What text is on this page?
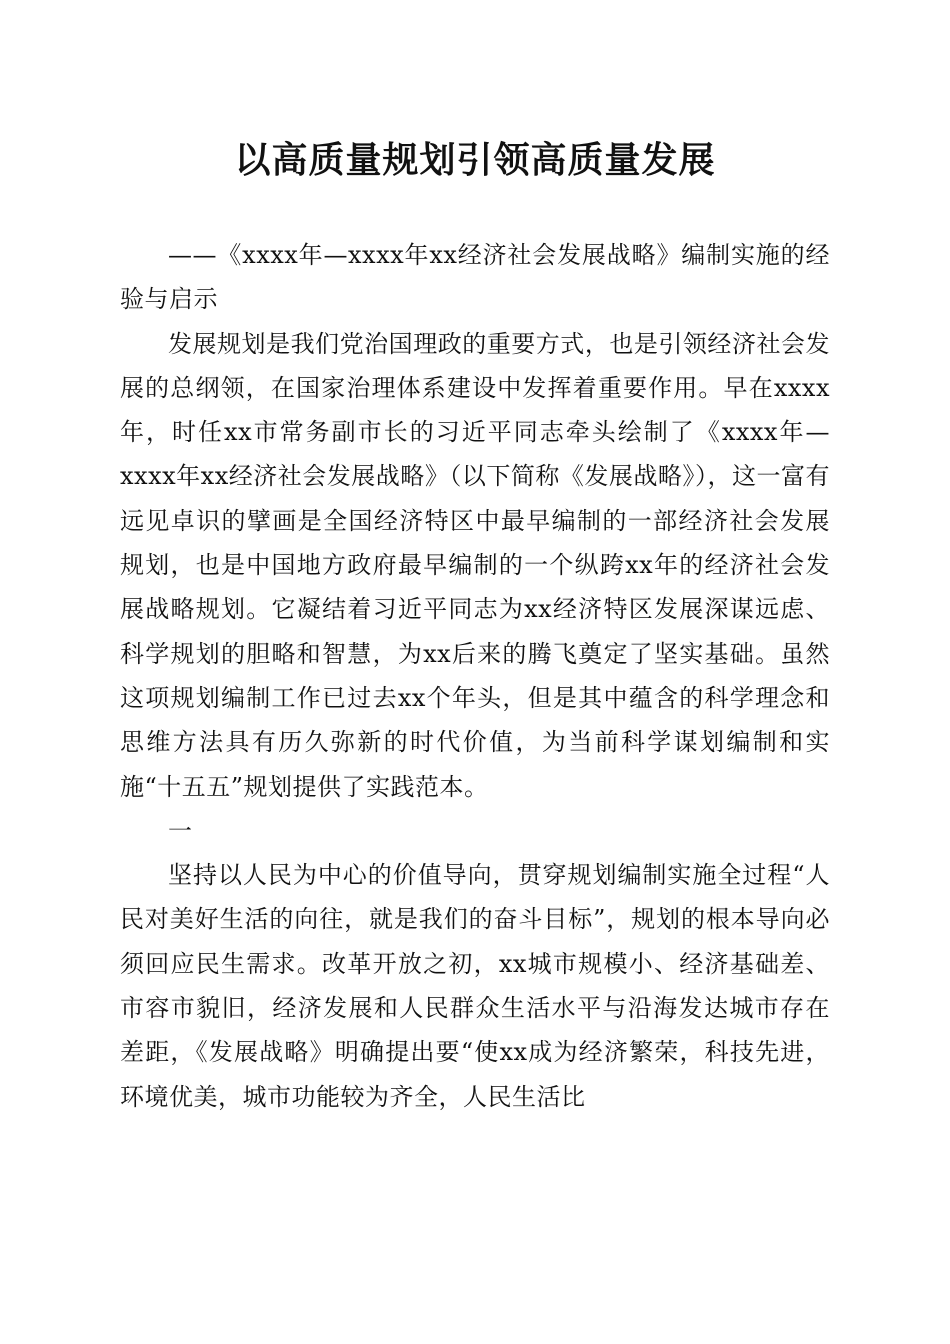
以高质量规划引领高质量发展

——《xxxx年—xxxx年xx经济社会发展战略》编制实施的经验与启示

发展规划是我们党治国理政的重要方式，也是引领经济社会发展的总纲领，在国家治理体系建设中发挥着重要作用。早在xxxx年，时任xx市常务副市长的习近平同志牵头绘制了《xxxx年—xxxx年xx经济社会发展战略》（以下简称《发展战略》），这一富有远见卓识的擘画是全国经济特区中最早编制的一部经济社会发展规划，也是中国地方政府最早编制的一个纵跨xx年的经济社会发展战略规划。它凝结着习近平同志为xx经济特区发展深谋远虑、科学规划的胆略和智慧，为xx后来的腾飞奠定了坚实基础。虽然这项规划编制工作已过去xx个年头，但是其中蕴含的科学理念和思维方法具有历久弥新的时代价值，为当前科学谋划编制和实施“十五五”规划提供了实践范本。

一

坚持以人民为中心的价值导向，贯穿规划编制实施全过程“人民对美好生活的向往，就是我们的奋斗目标”，规划的根本导向必须回应民生需求。改革开放之初，xx城市规模小、经济基础差、市容市貌旧，经济发展和人民群众生活水平与沿海发达城市存在差距，《发展战略》明确提出要“使xx成为经济繁荣，科技先进，环境优美，城市功能较为齐全，人民生活比
